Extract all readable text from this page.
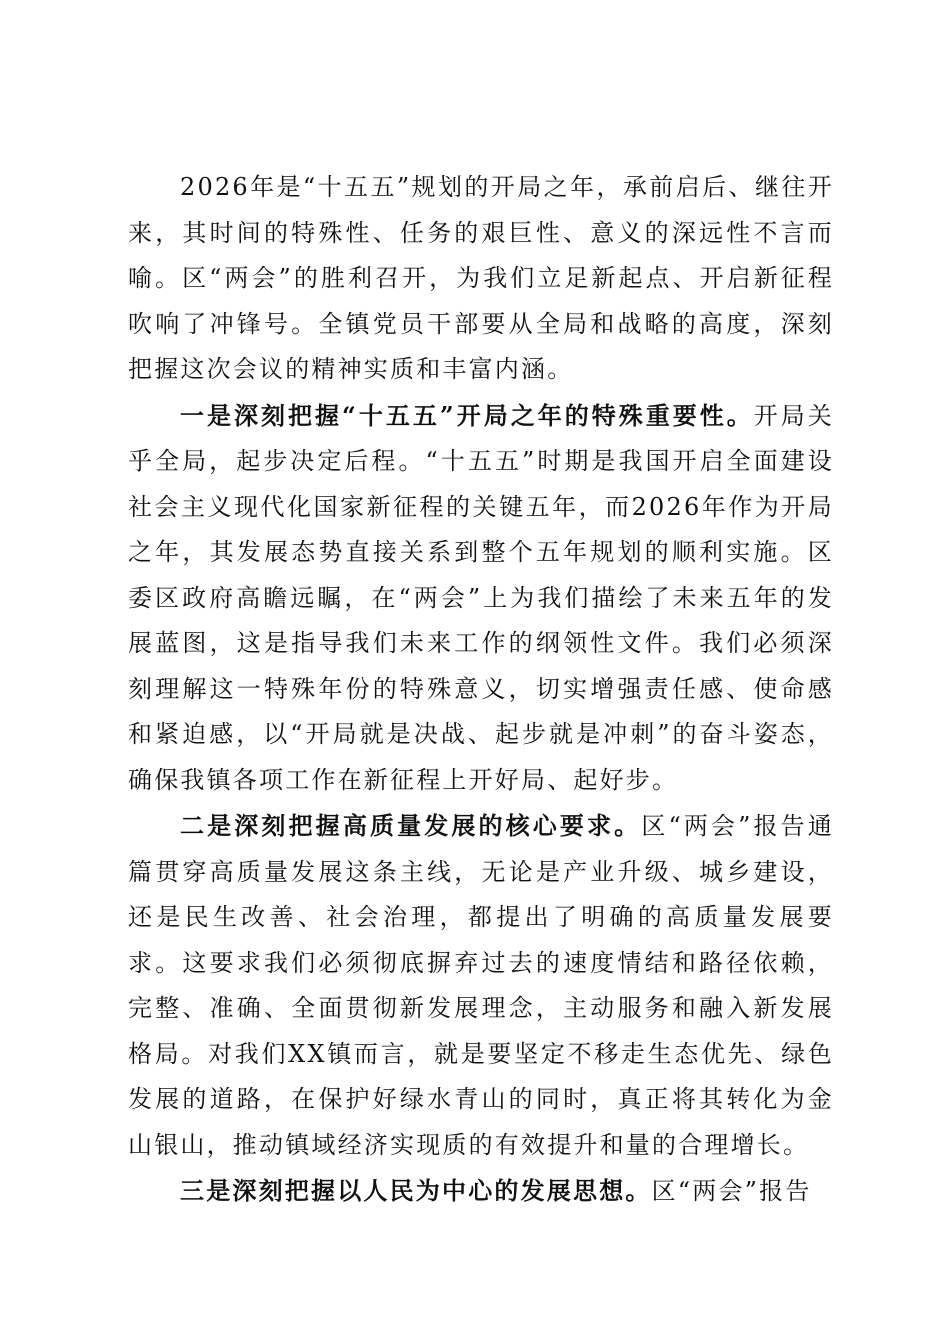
2026年是“十五五”规划的开局之年，承前启后、继往开来，其时间的特殊性、任务的艰巨性、意义的深远性不言而喻。区“两会”的胜利召开，为我们立足新起点、开启新征程吹响了冲锋号。全镇党员干部要从全局和战略的高度，深刻把握这次会议的精神实质和丰富内涵。

一是深刻把握“十五五”开局之年的特殊重要性。开局关乎全局，起步决定后程。“十五五”时期是我国开启全面建设社会主义现代化国家新征程的关键五年，而2026年作为开局之年，其发展态势直接关系到整个五年规划的顺利实施。区委区政府高瞻远瞩，在“两会”上为我们描绘了未来五年的发展蓝图，这是指导我们未来工作的纲领性文件。我们必须深刻理解这一特殊年份的特殊意义，切实增强责任感、使命感和紧迫感，以“开局就是决战、起步就是冲刺”的奋斗姿态，确保我镇各项工作在新征程上开好局、起好步。

二是深刻把握高质量发展的核心要求。区“两会”报告通篇贯穿高质量发展这条主线，无论是产业升级、城乡建设，还是民生改善、社会治理，都提出了明确的高质量发展要求。这要求我们必须彻底摒弃过去的速度情结和路径依赖，完整、准确、全面贯彻新发展理念，主动服务和融入新发展格局。对我们XX镇而言，就是要坚定不移走生态优先、绿色发展的道路，在保护好绿水青山的同时，真正将其转化为金山银山，推动镇域经济实现质的有效提升和量的合理增长。

三是深刻把握以人民为中心的发展思想。区“两会”报告
